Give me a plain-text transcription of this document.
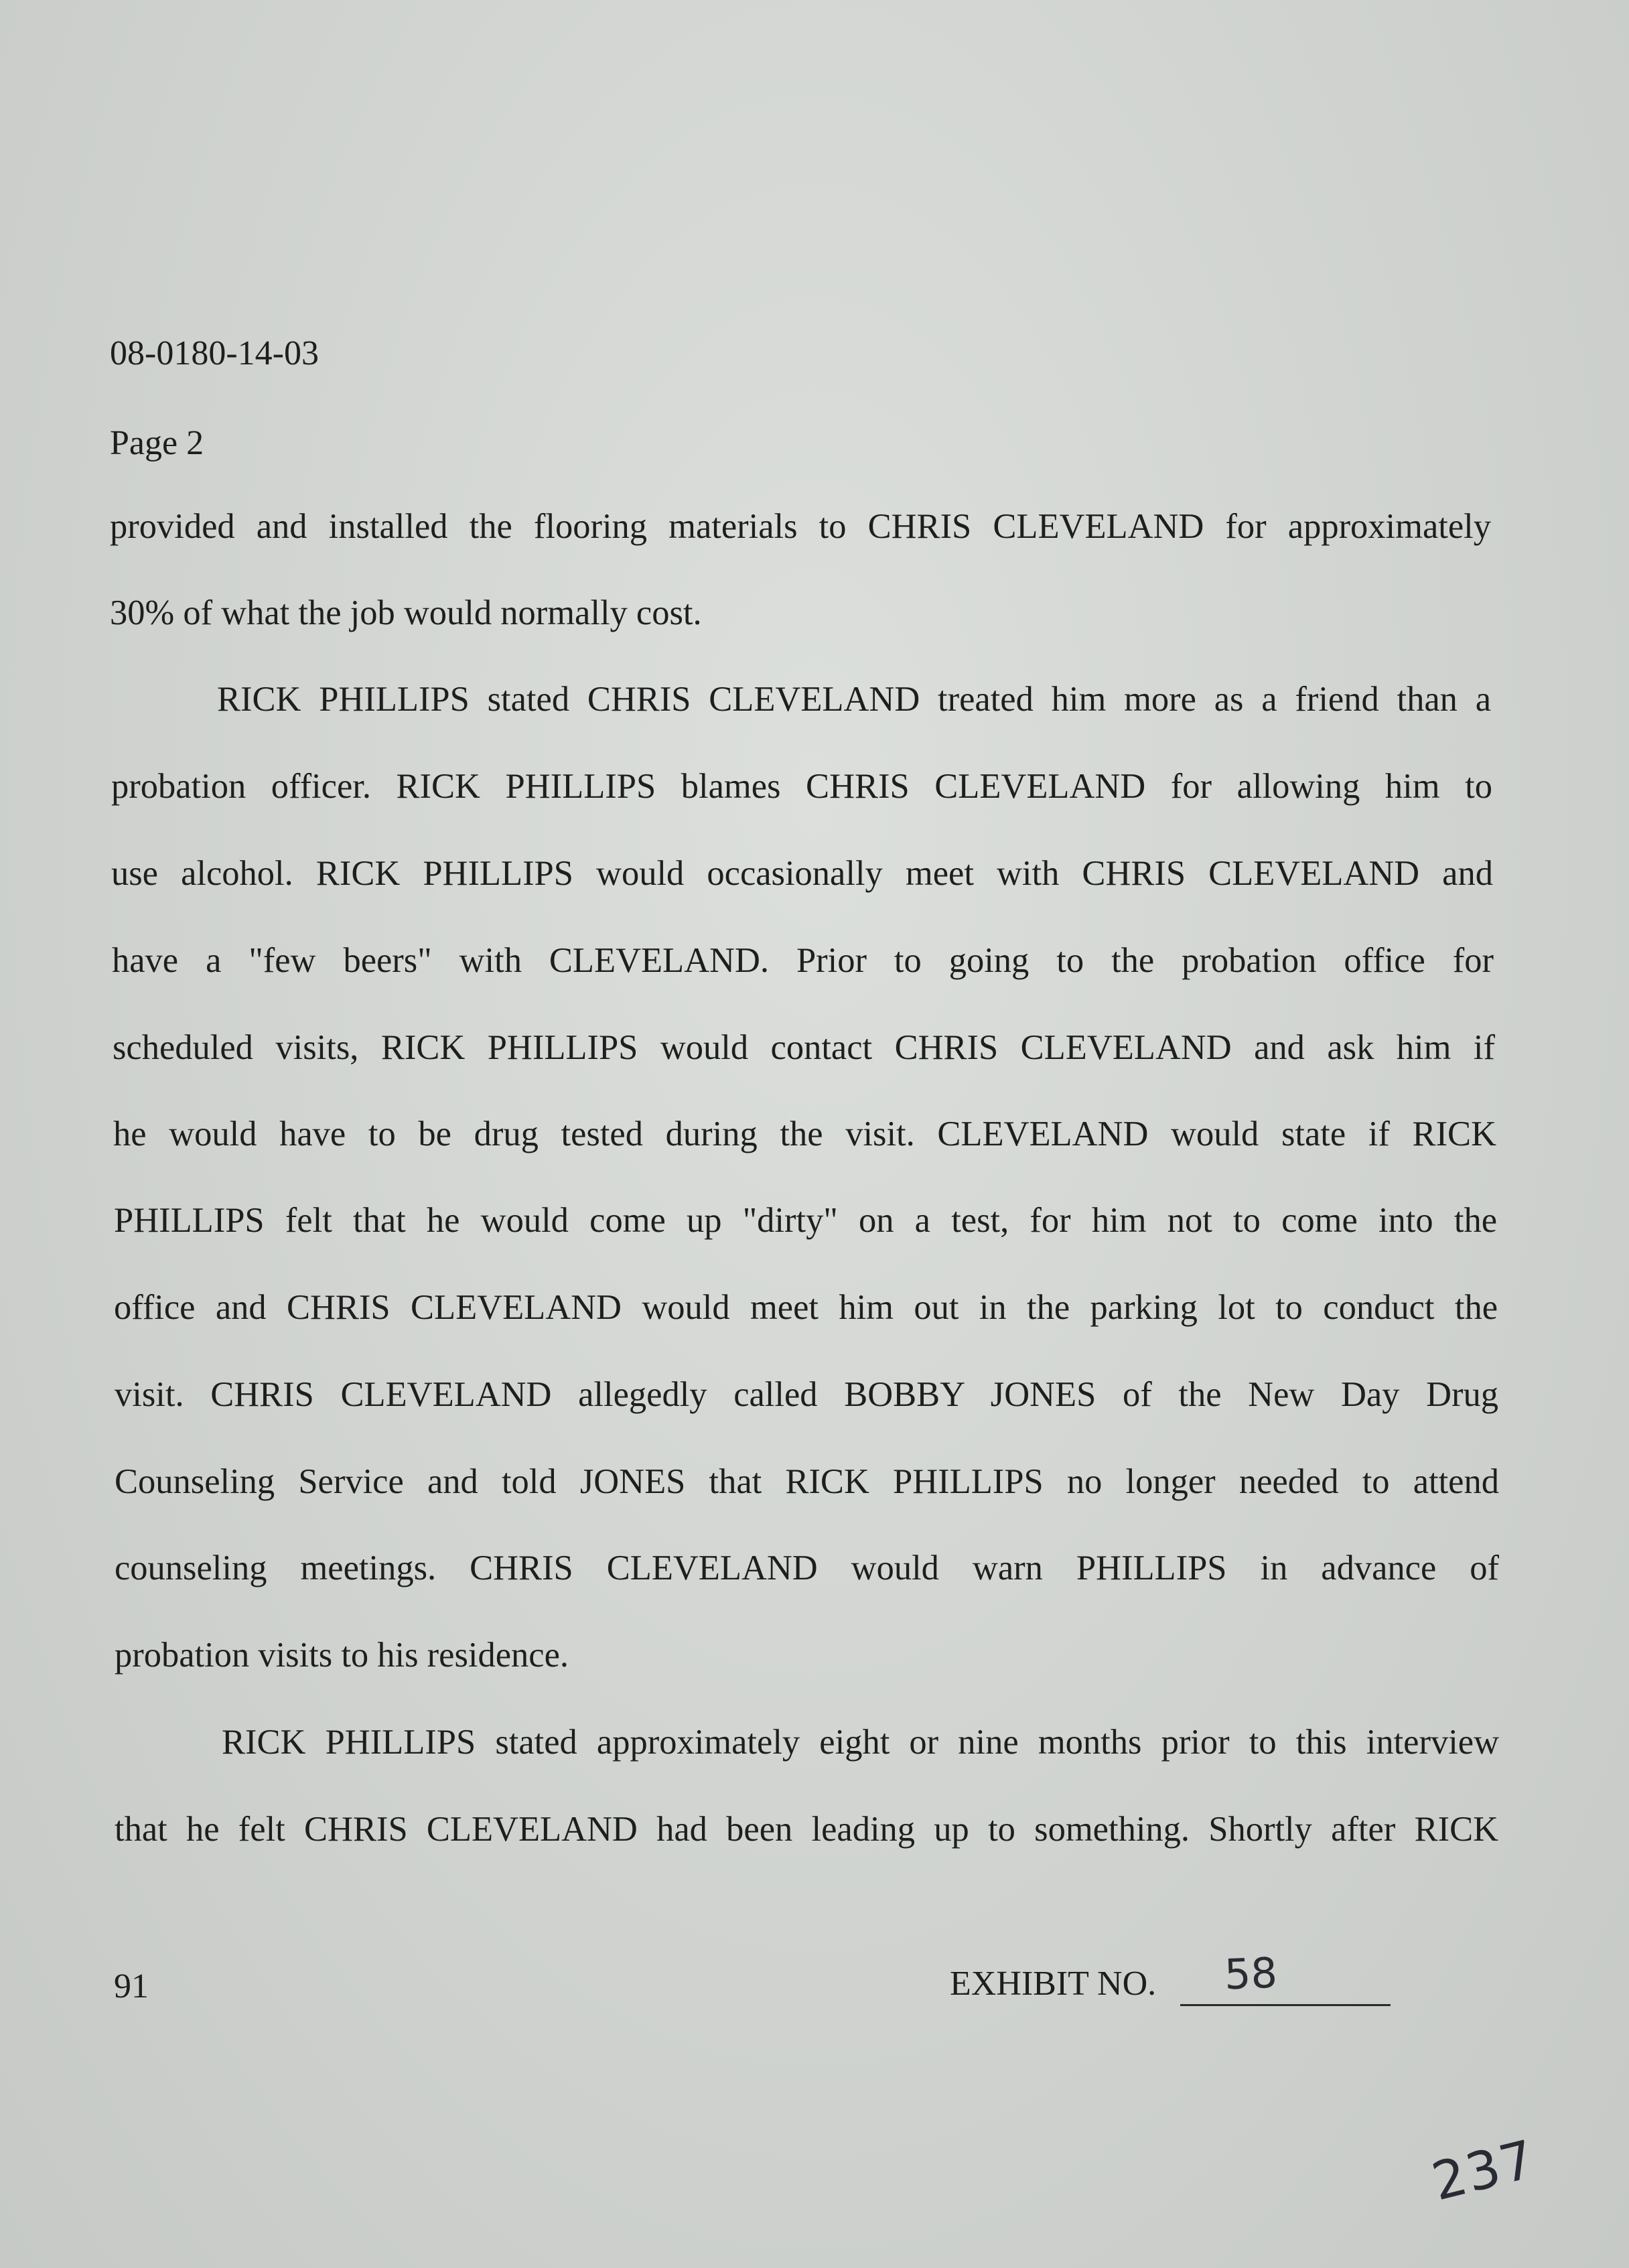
08-0180-14-03
Page 2
provided and installed the flooring materials to CHRIS CLEVELAND for approximately
30% of what the job would normally cost.
RICK PHILLIPS stated CHRIS CLEVELAND treated him more as a friend than a
probation officer. RICK PHILLIPS blames CHRIS CLEVELAND for allowing him to
use alcohol. RICK PHILLIPS would occasionally meet with CHRIS CLEVELAND and
have a "few beers" with CLEVELAND. Prior to going to the probation office for
scheduled visits, RICK PHILLIPS would contact CHRIS CLEVELAND and ask him if
he would have to be drug tested during the visit. CLEVELAND would state if RICK
PHILLIPS felt that he would come up "dirty" on a test, for him not to come into the
office and CHRIS CLEVELAND would meet him out in the parking lot to conduct the
visit. CHRIS CLEVELAND allegedly called BOBBY JONES of the New Day Drug
Counseling Service and told JONES that RICK PHILLIPS no longer needed to attend
counseling meetings. CHRIS CLEVELAND would warn PHILLIPS in advance of
probation visits to his residence.
RICK PHILLIPS stated approximately eight or nine months prior to this interview
that he felt CHRIS CLEVELAND had been leading up to something. Shortly after RICK
91	EXHIBIT NO. 58
237
